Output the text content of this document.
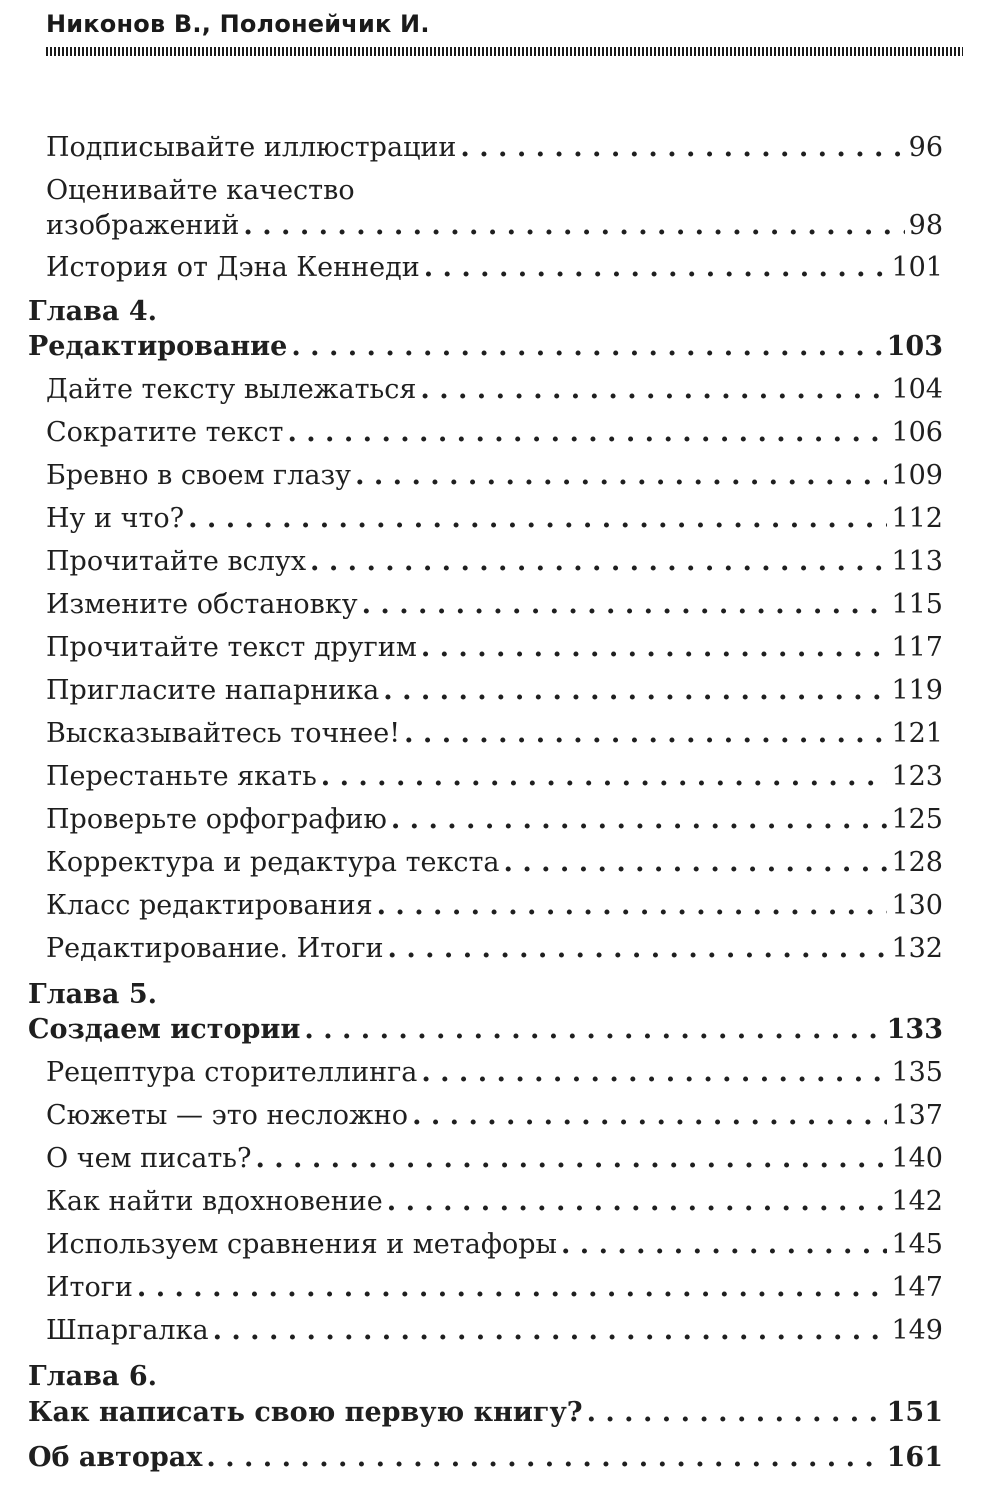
Никонов В., Полонейчик И.
Подписывайте иллюстрации . . .	96
Оценивайте качество
изображений . . .	98
История от Дэна Кеннеди . . .	101
Глава 4.
Редактирование . . .	103
Дайте тексту вылежаться . . .	104
Сократите текст . . .	106
Бревно в своем глазу . . .	109
Ну и что? . . .	112
Прочитайте вслух . . .	113
Измените обстановку . . .	115
Прочитайте текст другим . . .	117
Пригласите напарника . . .	119
Высказывайтесь точнее! . . .	121
Перестаньте якать . . .	123
Проверьте орфографию . . .	125
Корректура и редактура текста . . .	128
Класс редактирования . . .	130
Редактирование. Итоги . . .	132
Глава 5.
Создаем истории . . .	133
Рецептура сторителлинга . . .	135
Сюжеты — это несложно . . .	137
О чем писать? . . .	140
Как найти вдохновение . . .	142
Используем сравнения и метафоры . . .	145
Итоги . . .	147
Шпаргалка . . .	149
Глава 6.
Как написать свою первую книгу? . . .	151
Об авторах . . .	161
